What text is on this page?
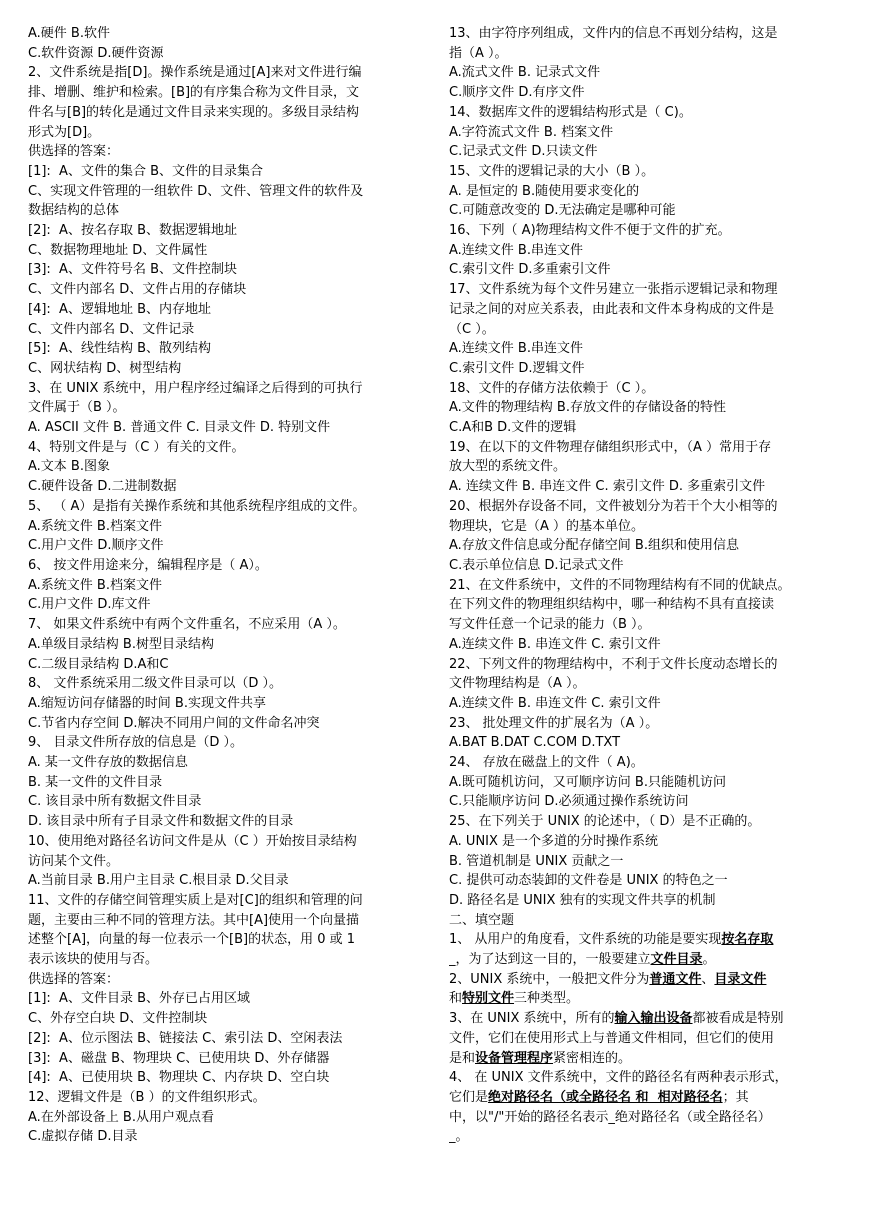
A.硬件 B.软件
C.软件资源 D.硬件资源
2、文件系统是指[D]。操作系统是通过[A]来对文件进行编
排、增删、维护和检索。[B]的有序集合称为文件目录，文
件名与[B]的转化是通过文件目录来实现的。多级目录结构
形式为[D]。
供选择的答案：
[1]:  A、文件的集合 B、文件的目录集合
C、实现文件管理的一组软件 D、文件、管理文件的软件及
数据结构的总体
[2]:  A、按名存取 B、数据逻辑地址
C、数据物理地址 D、文件属性
[3]:  A、文件符号名 B、文件控制块
C、文件内部名 D、文件占用的存储块
[4]:  A、逻辑地址 B、内存地址
C、文件内部名 D、文件记录
[5]:  A、线性结构 B、散列结构
C、网状结构 D、树型结构
3、在 UNIX 系统中，用户程序经过编译之后得到的可执行
文件属于（B ）。
A. ASCII 文件 B. 普通文件 C. 目录文件 D. 特别文件
4、特别文件是与（C ）有关的文件。
A.文本 B.图象
C.硬件设备 D.二进制数据
5、 （ A）是指有关操作系统和其他系统程序组成的文件。
A.系统文件 B.档案文件
C.用户文件 D.顺序文件
6、 按文件用途来分，编辑程序是（ A）。
A.系统文件 B.档案文件
C.用户文件 D.库文件
7、 如果文件系统中有两个文件重名，不应采用（A ）。
A.单级目录结构 B.树型目录结构
C.二级目录结构 D.A和C
8、 文件系统采用二级文件目录可以（D ）。
A.缩短访问存储器的时间 B.实现文件共享
C.节省内存空间 D.解决不同用户间的文件命名冲突
9、 目录文件所存放的信息是（D ）。
A. 某一文件存放的数据信息
B. 某一文件的文件目录
C. 该目录中所有数据文件目录
D. 该目录中所有子目录文件和数据文件的目录
10、使用绝对路径名访问文件是从（C ）开始按目录结构
访问某个文件。
A.当前目录 B.用户主目录 C.根目录 D.父目录
11、文件的存储空间管理实质上是对[C]的组织和管理的问
题，主要由三种不同的管理方法。其中[A]使用一个向量描
述整个[A]，向量的每一位表示一个[B]的状态，用 0 或 1
表示该块的使用与否。
供选择的答案：
[1]:  A、文件目录 B、外存已占用区域
C、外存空白块 D、文件控制块
[2]:  A、位示图法 B、链接法 C、索引法 D、空闲表法
[3]:  A、磁盘 B、物理块 C、已使用块 D、外存储器
[4]:  A、已使用块 B、物理块 C、内存块 D、空白块
12、逻辑文件是（B ）的文件组织形式。
A.在外部设备上 B.从用户观点看
C.虚拟存储 D.目录
13、由字符序列组成，文件内的信息不再划分结构，这是
指（A ）。
A.流式文件 B. 记录式文件
C.顺序文件 D.有序文件
14、数据库文件的逻辑结构形式是（ C)。
A.字符流式文件 B. 档案文件
C.记录式文件 D.只读文件
15、文件的逻辑记录的大小（B ）。
A. 是恒定的 B.随使用要求变化的
C.可随意改变的 D.无法确定是哪种可能
16、下列（ A)物理结构文件不便于文件的扩充。
A.连续文件 B.串连文件
C.索引文件 D.多重索引文件
17、文件系统为每个文件另建立一张指示逻辑记录和物理
记录之间的对应关系表，由此表和文件本身构成的文件是
（C ）。
A.连续文件 B.串连文件
C.索引文件 D.逻辑文件
18、文件的存储方法依赖于（C ）。
A.文件的物理结构 B.存放文件的存储设备的特性
C.A和B D.文件的逻辑
19、在以下的文件物理存储组织形式中，（A ）常用于存
放大型的系统文件。
A. 连续文件 B. 串连文件 C. 索引文件 D. 多重索引文件
20、根据外存设备不同，文件被划分为若干个大小相等的
物理块，它是（A ）的基本单位。
A.存放文件信息或分配存储空间 B.组织和使用信息
C.表示单位信息 D.记录式文件
21、在文件系统中，文件的不同物理结构有不同的优缺点。
在下列文件的物理组织结构中，哪一种结构不具有直接读
写文件任意一个记录的能力（B ）。
A.连续文件 B. 串连文件 C. 索引文件
22、下列文件的物理结构中，不利于文件长度动态增长的
文件物理结构是（A ）。
A.连续文件 B. 串连文件 C. 索引文件
23、 批处理文件的扩展名为（A ）。
A.BAT B.DAT C.COM D.TXT
24、 存放在磁盘上的文件（ A)。
A.既可随机访问，又可顺序访问 B.只能随机访问
C.只能顺序访问 D.必须通过操作系统访问
25、在下列关于 UNIX 的论述中，（ D）是不正确的。
A. UNIX 是一个多道的分时操作系统
B. 管道机制是 UNIX 贡献之一
C. 提供可动态装卸的文件卷是 UNIX 的特色之一
D. 路径名是 UNIX 独有的实现文件共享的机制
二、填空题
1、 从用户的角度看，文件系统的功能是要实现按名存取
_，为了达到这一目的，一般要建立文件目录。
2、UNIX 系统中，一般把文件分为普通文件、目录文件
和特别文件三种类型。
3、在 UNIX 系统中，所有的输入输出设备都被看成是特别
文件，它们在使用形式上与普通文件相同，但它们的使用
是和设备管理程序紧密相连的。
4、 在 UNIX 文件系统中，文件的路径名有两种表示形式，
它们是绝对路径名（或全路径名 和  相对路径名；其
中，以"/"开始的路径名表示_绝对路径名（或全路径名）
_。
